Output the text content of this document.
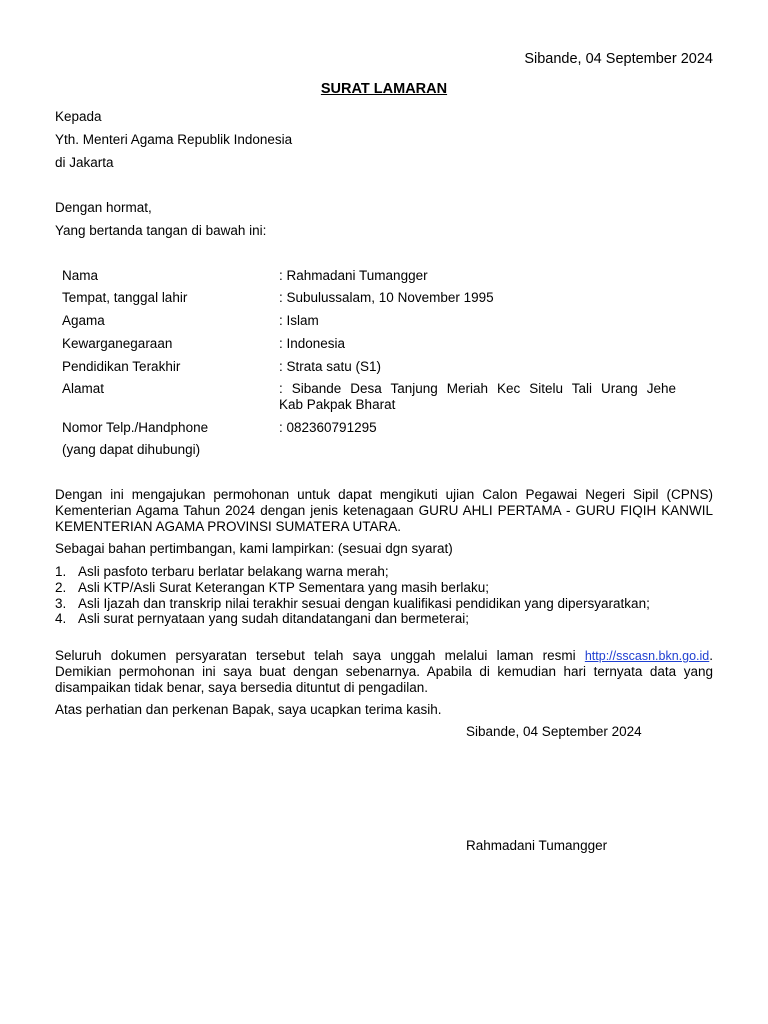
Sibande, 04 September 2024
SURAT LAMARAN
Kepada
Yth. Menteri Agama Republik Indonesia
di Jakarta
Dengan hormat,
Yang bertanda tangan di bawah ini:
Nama	: Rahmadani Tumangger
Tempat, tanggal lahir	: Subulussalam, 10 November 1995
Agama	: Islam
Kewarganegaraan	: Indonesia
Pendidikan Terakhir	: Strata satu (S1)
Alamat	: Sibande Desa Tanjung Meriah Kec Sitelu Tali Urang Jehe
Kab Pakpak Bharat
Nomor Telp./Handphone	: 082360791295
(yang dapat dihubungi)
Dengan ini mengajukan permohonan untuk dapat mengikuti ujian Calon Pegawai Negeri Sipil (CPNS) Kementerian Agama Tahun 2024 dengan jenis ketenagaan GURU AHLI PERTAMA - GURU FIQIH KANWIL KEMENTERIAN AGAMA PROVINSI SUMATERA UTARA.
Sebagai bahan pertimbangan, kami lampirkan: (sesuai dgn syarat)
1. Asli pasfoto terbaru berlatar belakang warna merah;
2. Asli KTP/Asli Surat Keterangan KTP Sementara yang masih berlaku;
3. Asli Ijazah dan transkrip nilai terakhir sesuai dengan kualifikasi pendidikan yang dipersyaratkan;
4. Asli surat pernyataan yang sudah ditandatangani dan bermeterai;
Seluruh dokumen persyaratan tersebut telah saya unggah melalui laman resmi http://sscasn.bkn.go.id. Demikian permohonan ini saya buat dengan sebenarnya. Apabila di kemudian hari ternyata data yang disampaikan tidak benar, saya bersedia dituntut di pengadilan.
Atas perhatian dan perkenan Bapak, saya ucapkan terima kasih.
Sibande, 04 September 2024
Rahmadani Tumangger
